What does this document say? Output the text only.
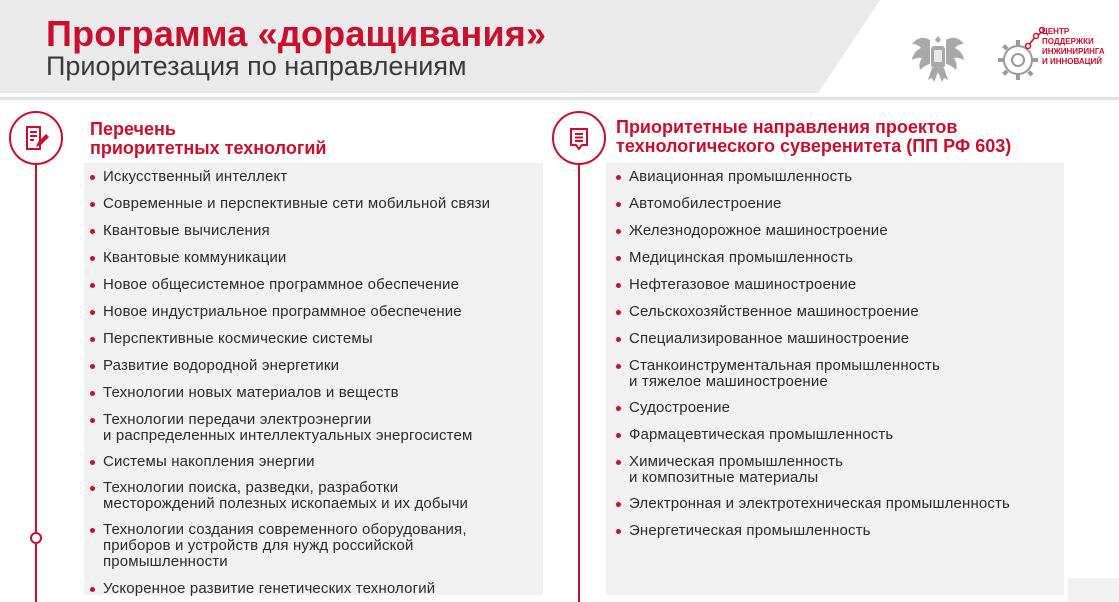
Программа «доращивания»
Приоритезация по направлениям
ЦЕНТР
ПОДДЕРЖКИ
ИНЖИНИРИНГА
И ИННОВАЦИЙ
Перечень
приоритетных технологий
Приоритетные направления проектов
технологического суверенитета (ПП РФ 603)
Искусственный интеллект
Современные и перспективные сети мобильной связи
Квантовые вычисления
Квантовые коммуникации
Новое общесистемное программное обеспечение
Новое индустриальное программное обеспечение
Перспективные космические системы
Развитие водородной энергетики
Технологии новых материалов и веществ
Технологии передачи электроэнергии
и распределенных интеллектуальных энергосистем
Системы накопления энергии
Технологии поиска, разведки, разработки
месторождений полезных ископаемых и их добычи
Технологии создания современного оборудования,
приборов и устройств для нужд российской
промышленности
Ускоренное развитие генетических технологий
Авиационная промышленность
Автомобилестроение
Железнодорожное машиностроение
Медицинская промышленность
Нефтегазовое машиностроение
Сельскохозяйственное машиностроение
Специализированное машиностроение
Станкоинструментальная промышленность
и тяжелое машиностроение
Судостроение
Фармацевтическая промышленность
Химическая промышленность
и композитные материалы
Электронная и электротехническая промышленность
Энергетическая промышленность
